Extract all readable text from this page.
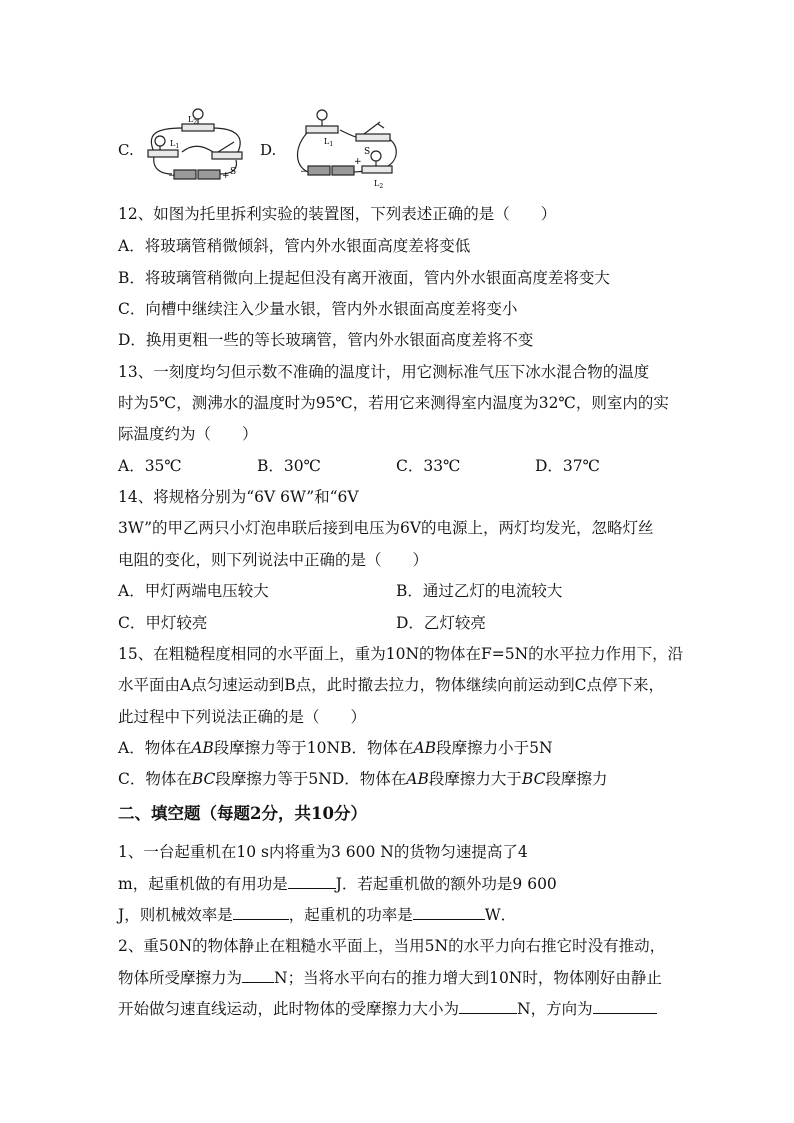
C.
$L_2$
$L_1$
S
−	+
D.	$L_1$
S
$L_2$
−
+
12、如图为托里拆利实验的装置图，下列表述正确的是（　　）
A．将玻璃管稍微倾斜，管内外水银面高度差将变低
B．将玻璃管稍微向上提起但没有离开液面，管内外水银面高度差将变大
C．向槽中继续注入少量水银，管内外水银面高度差将变小
D．换用更粗一些的等长玻璃管，管内外水银面高度差将不变
13、一刻度均匀但示数不准确的温度计，用它测标准气压下冰水混合物的温度
时为5℃，测沸水的温度时为95℃，若用它来测得室内温度为32℃，则室内的实
际温度约为（　　）
A．35℃	B．30℃	C．33℃	D．37℃
14、将规格分别为“6V 6W”和“6V
3W”的甲乙两只小灯泡串联后接到电压为6V的电源上，两灯均发光，忽略灯丝
电阻的变化，则下列说法中正确的是（　　）
A．甲灯两端电压较大	B．通过乙灯的电流较大
C．甲灯较亮	D．乙灯较亮
15、在粗糙程度相同的水平面上，重为10N的物体在F=5N的水平拉力作用下，沿
水平面由A点匀速运动到B点，此时撤去拉力，物体继续向前运动到C点停下来，
此过程中下列说法正确的是（　　）
A．物体在AB段摩擦力等于10NB．物体在AB段摩擦力小于5N
C．物体在BC段摩擦力等于5ND．物体在AB段摩擦力大于BC段摩擦力
二、填空题（每题2分，共10分）
1、一台起重机在10 s内将重为3 600 N的货物匀速提高了4
m，起重机做的有用功是	J．若起重机做的额外功是9 600
J，则机械效率是	，起重机的功率是	W．
2、重50N的物体静止在粗糙水平面上，当用5N的水平力向右推它时没有推动，
物体所受摩擦力为 N；当将水平向右的推力增大到10N时，物体刚好由静止
开始做匀速直线运动，此时物体的受摩擦力大小为	N，方向为
